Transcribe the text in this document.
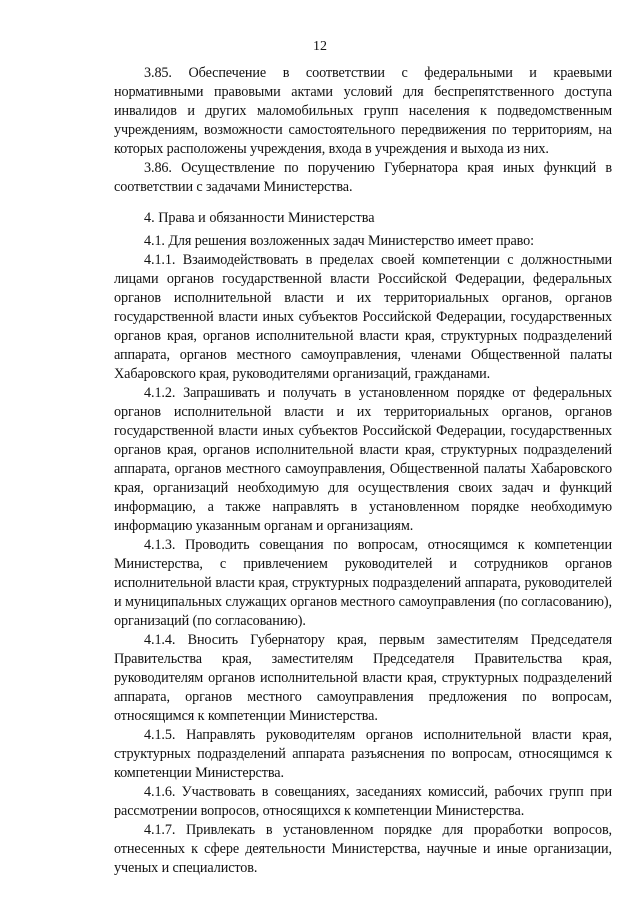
12

3.85. Обеспечение в соответствии с федеральными и краевыми нормативными правовыми актами условий для беспрепятственного доступа инвалидов и других маломобильных групп населения к подведомственным учреждениям, возможности самостоятельного передвижения по территориям, на которых расположены учреждения, входа в учреждения и выхода из них.

3.86. Осуществление по поручению Губернатора края иных функций в соответствии с задачами Министерства.

4. Права и обязанности Министерства

4.1. Для решения возложенных задач Министерство имеет право:

4.1.1. Взаимодействовать в пределах своей компетенции с должностными лицами органов государственной власти Российской Федерации, федеральных органов исполнительной власти и их территориальных органов, органов государственной власти иных субъектов Российской Федерации, государственных органов края, органов исполнительной власти края, структурных подразделений аппарата, органов местного самоуправления, членами Общественной палаты Хабаровского края, руководителями организаций, гражданами.

4.1.2. Запрашивать и получать в установленном порядке от федеральных органов исполнительной власти и их территориальных органов, органов государственной власти иных субъектов Российской Федерации, государственных органов края, органов исполнительной власти края, структурных подразделений аппарата, органов местного самоуправления, Общественной палаты Хабаровского края, организаций необходимую для осуществления своих задач и функций информацию, а также направлять в установленном порядке необходимую информацию указанным органам и организациям.

4.1.3. Проводить совещания по вопросам, относящимся к компетенции Министерства, с привлечением руководителей и сотрудников органов исполнительной власти края, структурных подразделений аппарата, руководителей и муниципальных служащих органов местного самоуправления (по согласованию), организаций (по согласованию).

4.1.4. Вносить Губернатору края, первым заместителям Председателя Правительства края, заместителям Председателя Правительства края, руководителям органов исполнительной власти края, структурных подразделений аппарата, органов местного самоуправления предложения по вопросам, относящимся к компетенции Министерства.

4.1.5. Направлять руководителям органов исполнительной власти края, структурных подразделений аппарата разъяснения по вопросам, относящимся к компетенции Министерства.

4.1.6. Участвовать в совещаниях, заседаниях комиссий, рабочих групп при рассмотрении вопросов, относящихся к компетенции Министерства.

4.1.7. Привлекать в установленном порядке для проработки вопросов, отнесенных к сфере деятельности Министерства, научные и иные организации, ученых и специалистов.
